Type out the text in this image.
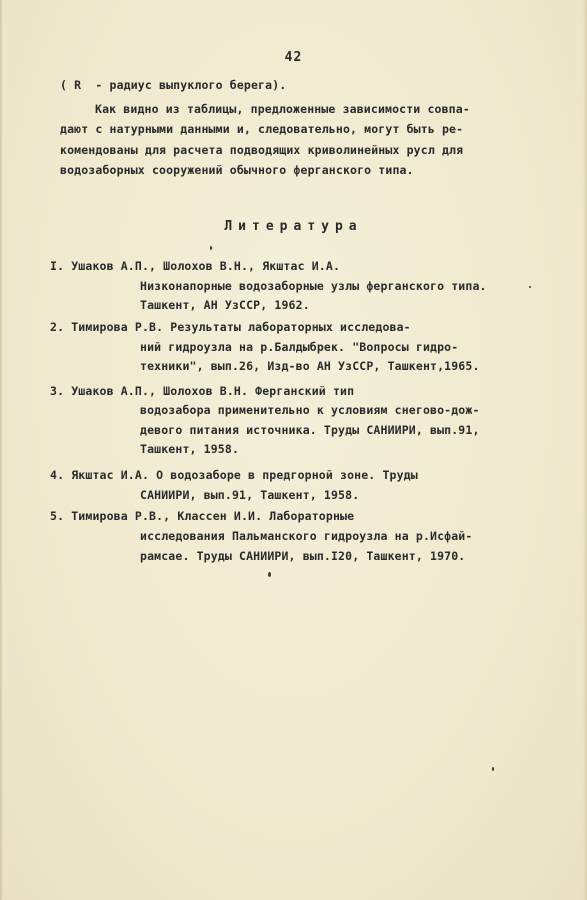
42
( R  - радиус выпуклого берега).
Как видно из таблицы, предложенные зависимости совпа-
дают с натурными данными и, следовательно, могут быть ре-
комендованы для расчета подводящих криволинейных русл для
водозаборных сооружений обычного ферганского типа.
Литература
I. Ушаков А.П., Шолохов В.Н., Якштас И.А.
Низконапорные водозаборные узлы ферганского типа.
Ташкент, АН УзССР, 1962.
2. Тимирова Р.В. Результаты лабораторных исследова-
ний гидроузла на р.Балдыбрек. "Вопросы гидро-
техники", вып.26, Изд-во АН УзССР, Ташкент,1965.
3. Ушаков А.П., Шолохов В.Н. Ферганский тип
водозабора применительно к условиям снегово-дож-
девого питания источника. Труды САНИИРИ, вып.91,
Ташкент, 1958.
4. Якштас И.А. О водозаборе в предгорной зоне. Труды
САНИИРИ, вып.91, Ташкент, 1958.
5. Тимирова Р.В., Классен И.И. Лабораторные
исследования Пальманского гидроузла на р.Исфай-
рамсае. Труды САНИИРИ, вып.I20, Ташкент, 1970.
